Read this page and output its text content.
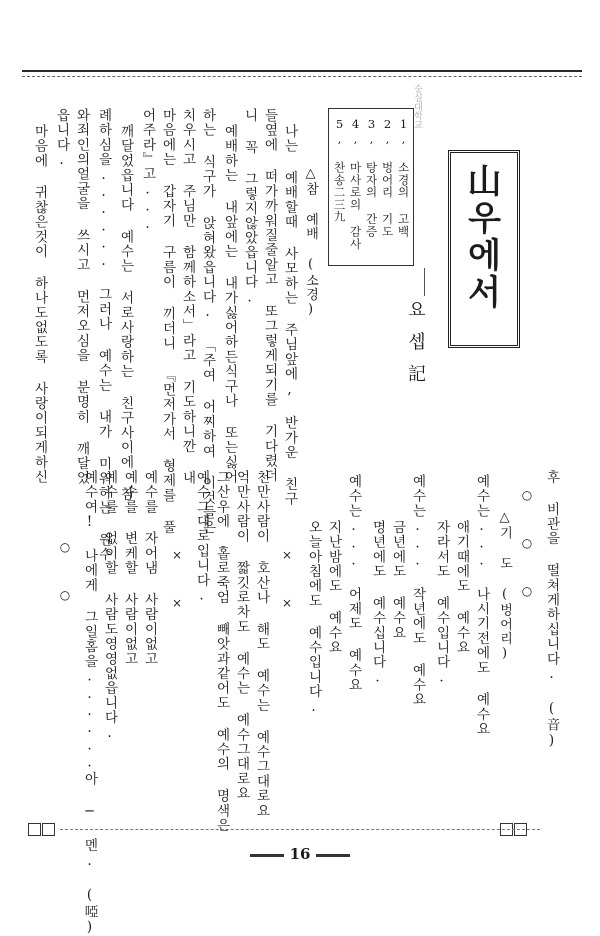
숭실대학교
山우에서
요셉記
1, 소경의 고백
2, 벙어리 기도
3, 탕자의 간증
4, 마사로의 감사
5, 찬송二三九
△참 예배 (소경)
나는 예배할때 사모하는 주님앞에, 반가운 친구
들옆에 떠가까워질줄알고 또그렇게되기를 기다렸더
니 꼭 그렇지않았읍니다.
예배하는 내앞에는 내가싫어하든식구나 또는싫어
하는 식구가 앉혀왔읍니다. 「주여 어찌하여 이것들은
치우시고 주님만 함께하소서」라고 기도하니깐 내
마음에는 갑자기 구름이 끼더니 『먼저가서 형제를 풀
어주라』고...
깨달었읍니다 예수는 서로사랑하는 친구사이에 참
례하심을...... 그러나 예수는 내가 미워하는 원수
와죄인의얼굴을 쓰시고 먼저오심을 분명히 깨달었
읍니다.
마음에 귀찮은것이 하나도없도록 사랑이되게하신
후 비관을 떨쳐게하십니다. (音)
○ ○ ○
△기 도 (벙어리)
예수는... 나시기전에도 예수요
애기때에도 예수요
자라서도 예수입니다.
예수는... 작년에도 예수요
금년에도 예수요
명년에도 예수십니다.
예수는... 어제도 예수요
지난밤에도 예수요
오늘아침에도 예수입니다.
× ×
천만사람이 호산나 해도 예수는 예수그대로요
억만사람이 짧깃로차도 예수는 예수그대로요
그산우에 홀로죽엄 빼앗과같어도 예수의 명색은
예수그대로입니다.
× ×
예수를 자어냄 사람이없고
예수를 변케할 사람이없고
예수를 없이할 사람도영영없읍니다.
예수여! 나에게 그일홈을......아 ─ 멘. (啞)
○ ○
16
